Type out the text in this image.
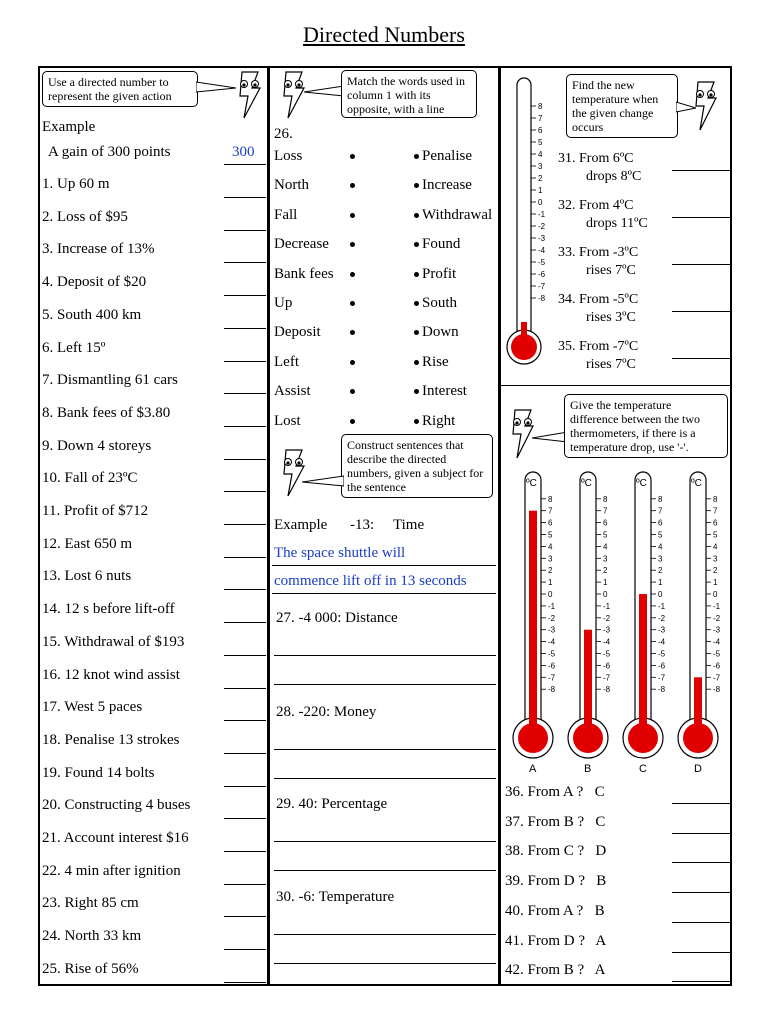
Directed Numbers
Use a directed number to represent the given action
Example
A gain of 300 points	300
1. Up 60 m
2. Loss of $95
3. Increase of 13%
4. Deposit of $20
5. South 400 km
6. Left 15º
7. Dismantling 61 cars
8. Bank fees of $3.80
9. Down 4 storeys
10. Fall of 23ºC
11. Profit of $712
12. East 650 m
13. Lost 6 nuts
14. 12 s before lift-off
15. Withdrawal of $193
16. 12 knot wind assist
17. West 5 paces
18. Penalise 13 strokes
19. Found 14 bolts
20. Constructing 4 buses
21. Account interest $16
22. 4 min after ignition
23. Right 85 cm
24. North 33 km
25. Rise of 56%
Match the words used in column 1 with its opposite, with a line
26.
Loss	Penalise
North	Increase
Fall	Withdrawal
Decrease	Found
Bank fees	Profit
Up	South
Deposit	Down
Left	Rise
Assist	Interest
Lost	Right
Construct sentences that describe the directed numbers, given a subject for the sentence
Example -13: Time
The space shuttle will
commence lift off in 13 seconds
27. -4 000: Distance
28. -220: Money
29. 40: Percentage
30. -6: Temperature
8
7
6
5
4
3
2
1
0
-1
-2
-3
-4
-5
-6
-7
-8
Find the new temperature when the given change occurs
31. From 6ºC
drops 8ºC
32. From 4ºC
drops 11ºC
33. From -3ºC
rises 7ºC
34. From -5ºC
rises 3ºC
35. From -7ºC
rises 7ºC
Give the temperature difference between the two thermometers, if there is a temperature drop, use '-'.
ºC
8
7
6
5
4
3
2
1
0
-1
-2
-3
-4
-5
-6
-7
-8
A
ºC
8
7
6
5
4
3
2
1
0
-1
-2
-3
-4
-5
-6
-7
-8
B
ºC
8
7
6
5
4
3
2
1
0
-1
-2
-3
-4
-5
-6
-7
-8
C
ºC
8
7
6
5
4
3
2
1
0
-1
-2
-3
-4
-5
-6
-7
-8
D
36. From A ?   C
37. From B ?   C
38. From C ?   D
39. From D ?   B
40. From A ?   B
41. From D ?   A
42. From B ?   A
